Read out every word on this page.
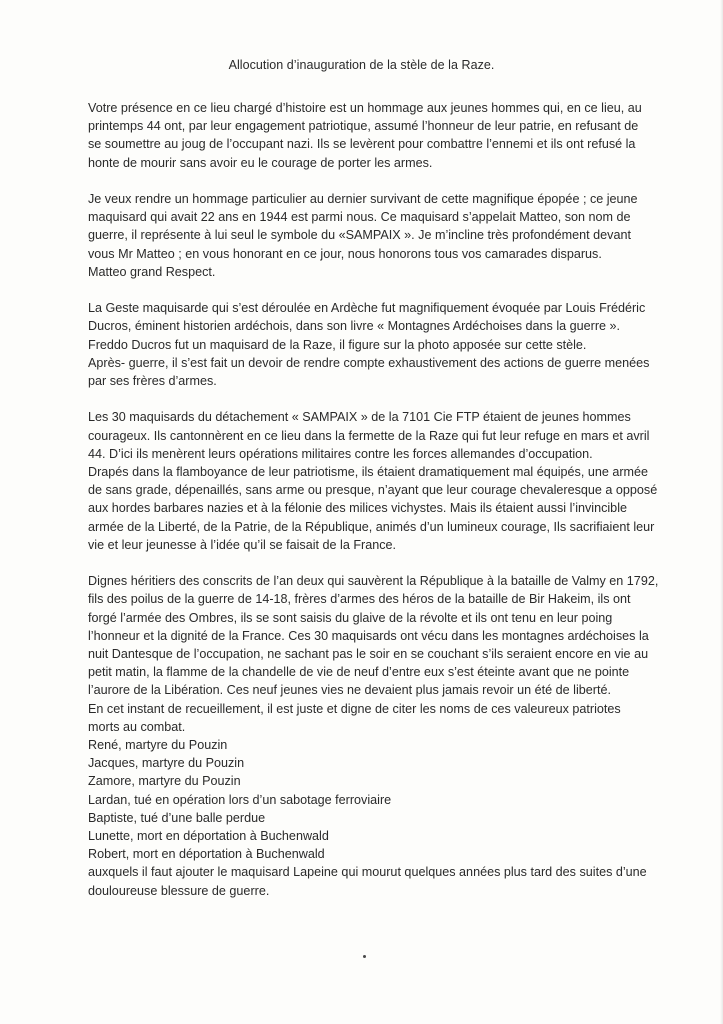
Allocution d’inauguration de la stèle de la Raze.

Votre présence en ce lieu chargé d’histoire est un hommage aux jeunes hommes qui, en ce lieu, au
printemps 44 ont, par leur engagement patriotique, assumé l’honneur de leur patrie, en refusant de
se soumettre au joug de l’occupant nazi. Ils se levèrent pour combattre l’ennemi et ils ont refusé la
honte de mourir sans avoir eu le courage de porter les armes.

Je veux rendre un hommage particulier au dernier survivant de cette magnifique épopée ; ce jeune
maquisard qui avait 22 ans en 1944 est parmi nous. Ce maquisard s’appelait Matteo, son nom de
guerre, il représente à lui seul le symbole du «SAMPAIX ». Je m’incline très profondément devant
vous Mr Matteo ; en vous honorant en ce jour, nous honorons tous vos camarades disparus.
Matteo grand Respect.

La Geste maquisarde qui s’est déroulée en Ardèche fut magnifiquement évoquée par Louis Frédéric
Ducros, éminent historien ardéchois, dans son livre « Montagnes Ardéchoises dans la guerre ».
Freddo Ducros fut un maquisard de la Raze, il figure sur la photo apposée sur cette stèle.
Après- guerre, il s’est fait un devoir de rendre compte exhaustivement des actions de guerre menées
par ses frères d’armes.

Les 30 maquisards du détachement « SAMPAIX » de la 7101 Cie FTP étaient de jeunes hommes
courageux. Ils cantonnèrent en ce lieu dans la fermette de la Raze qui fut leur refuge en mars et avril
44. D’ici ils menèrent leurs opérations militaires contre les forces allemandes d’occupation.
Drapés dans la flamboyance de leur patriotisme, ils étaient dramatiquement mal équipés, une armée
de sans grade, dépenaillés, sans arme ou presque, n’ayant que leur courage chevaleresque a opposé
aux hordes barbares nazies et à la félonie des milices vichystes. Mais ils étaient aussi l’invincible
armée de la Liberté, de la Patrie, de la République, animés d’un lumineux courage, Ils sacrifiaient leur
vie et leur jeunesse à l’idée qu’il se faisait de la France.

Dignes héritiers des conscrits de l’an deux qui sauvèrent la République à la bataille de Valmy en 1792,
fils des poilus de la guerre de 14-18, frères d’armes des héros de la bataille de Bir Hakeim, ils ont
forgé l’armée des Ombres, ils se sont saisis du glaive de la révolte et ils ont tenu en leur poing
l’honneur et la dignité de la France. Ces 30 maquisards ont vécu dans les montagnes ardéchoises la
nuit Dantesque de l’occupation, ne sachant pas le soir en se couchant s’ils seraient encore en vie au
petit matin, la flamme de la chandelle de vie de neuf d’entre eux s’est éteinte avant que ne pointe
l’aurore de la Libération. Ces neuf jeunes vies ne devaient plus jamais revoir un été de liberté.
En cet instant de recueillement, il est juste et digne de citer les noms de ces valeureux patriotes
morts au combat.
René, martyre du Pouzin
Jacques, martyre du Pouzin
Zamore, martyre du Pouzin
Lardan, tué en opération lors d’un sabotage ferroviaire
Baptiste, tué d’une balle perdue
Lunette, mort en déportation à Buchenwald
Robert, mort en déportation à Buchenwald
auxquels il faut ajouter le maquisard Lapeine qui mourut quelques années plus tard des suites d’une
douloureuse blessure de guerre.
